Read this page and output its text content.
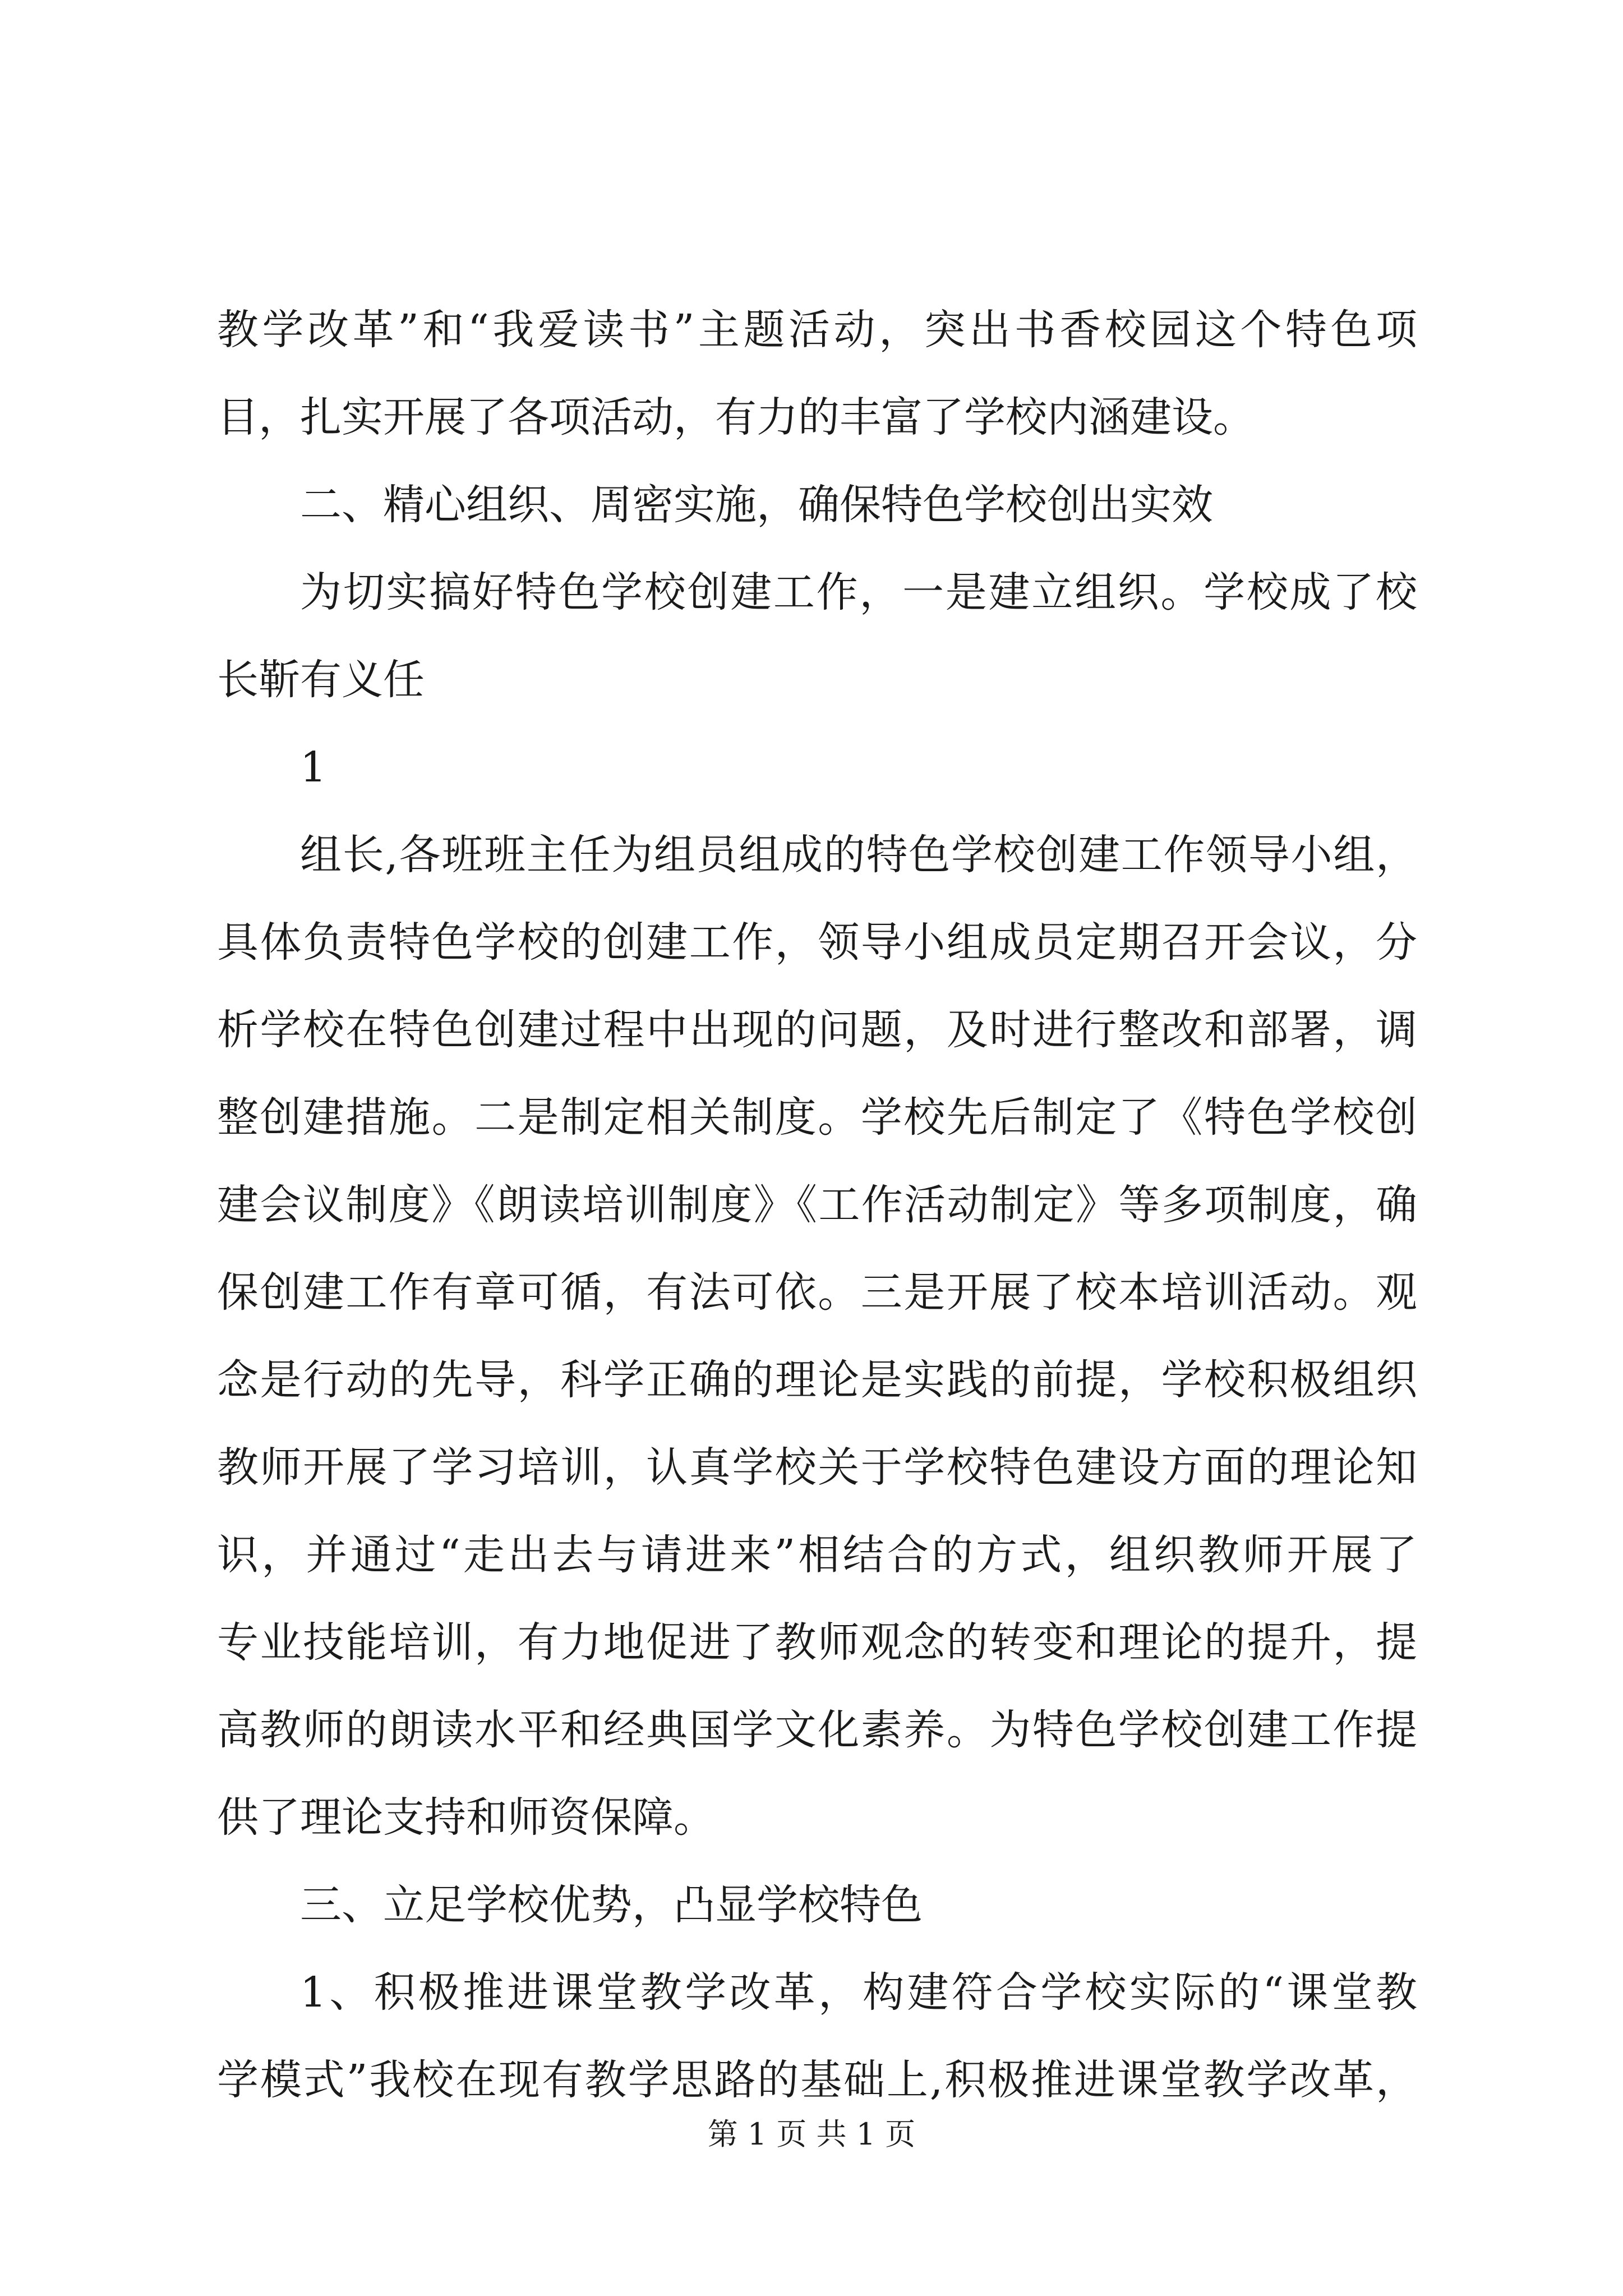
教学改革”和“我爱读书”主题活动，突出书香校园这个特色项
目，扎实开展了各项活动，有力的丰富了学校内涵建设。
二、精心组织、周密实施，确保特色学校创出实效
为切实搞好特色学校创建工作，一是建立组织。学校成了校
长靳有义任
1
组长,各班班主任为组员组成的特色学校创建工作领导小组，
具体负责特色学校的创建工作，领导小组成员定期召开会议，分
析学校在特色创建过程中出现的问题，及时进行整改和部署，调
整创建措施。二是制定相关制度。学校先后制定了《特色学校创
建会议制度》《朗读培训制度》《工作活动制定》等多项制度，确
保创建工作有章可循，有法可依。三是开展了校本培训活动。观
念是行动的先导，科学正确的理论是实践的前提，学校积极组织
教师开展了学习培训，认真学校关于学校特色建设方面的理论知
识，并通过“走出去与请进来”相结合的方式，组织教师开展了
专业技能培训，有力地促进了教师观念的转变和理论的提升，提
高教师的朗读水平和经典国学文化素养。为特色学校创建工作提
供了理论支持和师资保障。
三、立足学校优势，凸显学校特色
1、积极推进课堂教学改革，构建符合学校实际的“课堂教
学模式”我校在现有教学思路的基础上,积极推进课堂教学改革，
第 1 页 共 1 页
